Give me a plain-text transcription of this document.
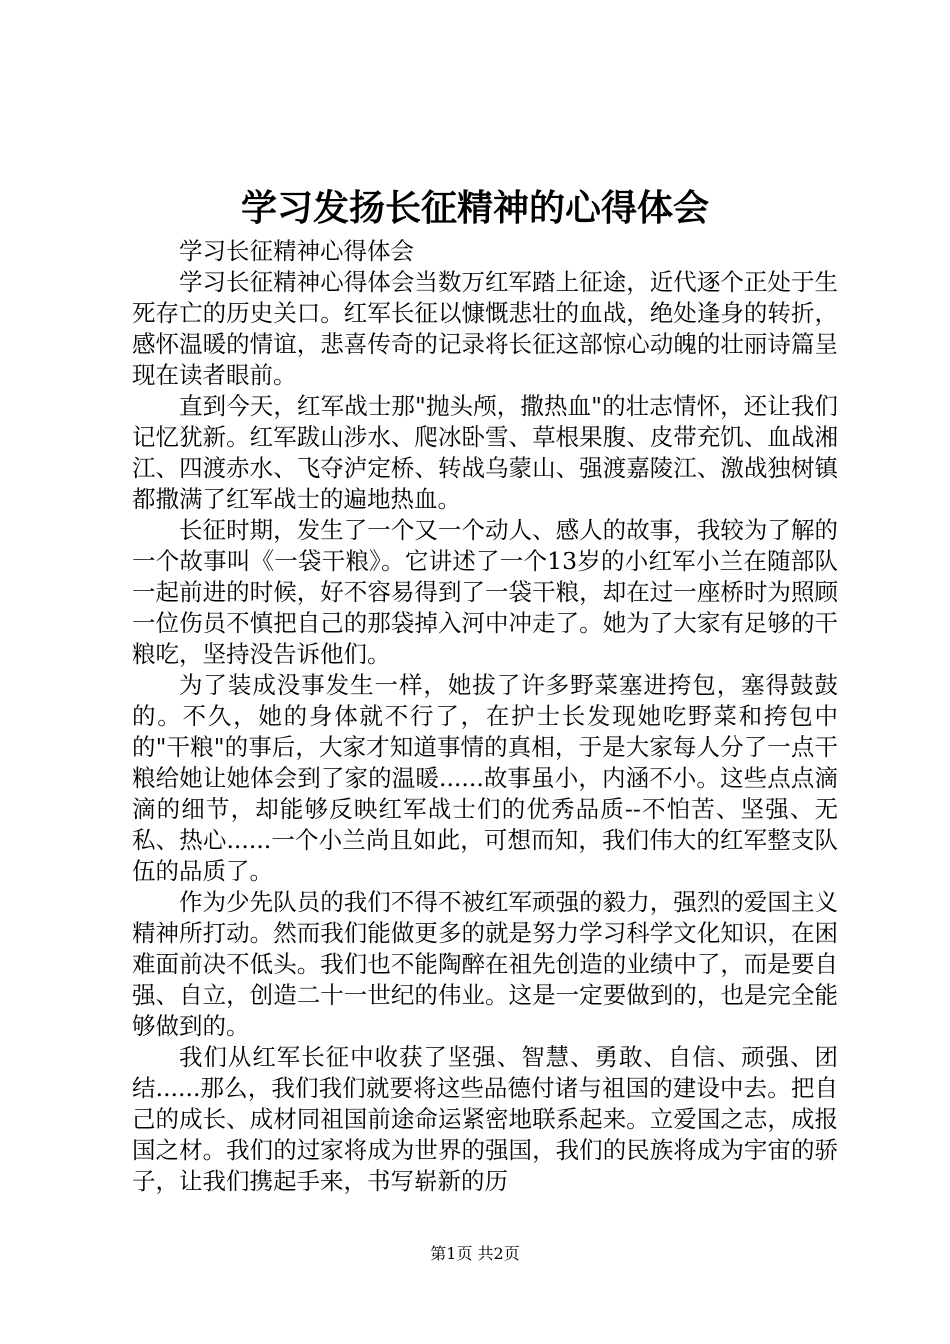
学习发扬长征精神的心得体会

学习长征精神心得体会

学习长征精神心得体会当数万红军踏上征途，近代逐个正处于生死存亡的历史关口。红军长征以慷慨悲壮的血战，绝处逢身的转折，感怀温暖的情谊，悲喜传奇的记录将长征这部惊心动魄的壮丽诗篇呈现在读者眼前。

直到今天，红军战士那"抛头颅，撒热血"的壮志情怀，还让我们记忆犹新。红军跋山涉水、爬冰卧雪、草根果腹、皮带充饥、血战湘江、四渡赤水、飞夺泸定桥、转战乌蒙山、强渡嘉陵江、激战独树镇都撒满了红军战士的遍地热血。

长征时期，发生了一个又一个动人、感人的故事，我较为了解的一个故事叫《一袋干粮》。它讲述了一个13岁的小红军小兰在随部队一起前进的时候，好不容易得到了一袋干粮，却在过一座桥时为照顾一位伤员不慎把自己的那袋掉入河中冲走了。她为了大家有足够的干粮吃，坚持没告诉他们。

为了装成没事发生一样，她拔了许多野菜塞进挎包，塞得鼓鼓的。不久，她的身体就不行了，在护士长发现她吃野菜和挎包中的"干粮"的事后，大家才知道事情的真相，于是大家每人分了一点干粮给她让她体会到了家的温暖......故事虽小，内涵不小。这些点点滴滴的细节，却能够反映红军战士们的优秀品质--不怕苦、坚强、无私、热心......一个小兰尚且如此，可想而知，我们伟大的红军整支队伍的品质了。

作为少先队员的我们不得不被红军顽强的毅力，强烈的爱国主义精神所打动。然而我们能做更多的就是努力学习科学文化知识，在困难面前决不低头。我们也不能陶醉在祖先创造的业绩中了，而是要自强、自立，创造二十一世纪的伟业。这是一定要做到的，也是完全能够做到的。

我们从红军长征中收获了坚强、智慧、勇敢、自信、顽强、团结......那么，我们我们就要将这些品德付诸与祖国的建设中去。把自己的成长、成材同祖国前途命运紧密地联系起来。立爱国之志，成报国之材。我们的过家将成为世界的强国，我们的民族将成为宇宙的骄子，让我们携起手来，书写崭新的历

第1页 共2页
